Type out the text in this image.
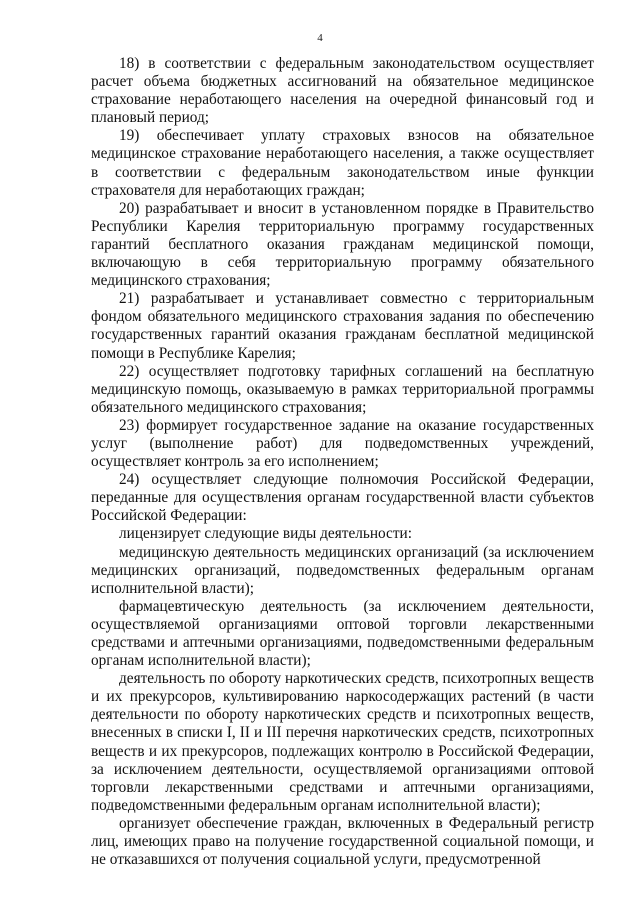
4

18) в соответствии с федеральным законодательством осуществляет расчет объема бюджетных ассигнований на обязательное медицинское страхование неработающего населения на очередной финансовый год и плановый период;

19) обеспечивает уплату страховых взносов на обязательное медицинское страхование неработающего населения, а также осуществляет в соответствии с федеральным законодательством иные функции страхователя для неработающих граждан;

20) разрабатывает и вносит в установленном порядке в Правительство Республики Карелия территориальную программу государственных гарантий бесплатного оказания гражданам медицинской помощи, включающую в себя территориальную программу обязательного медицинского страхования;

21) разрабатывает и устанавливает совместно с территориальным фондом обязательного медицинского страхования задания по обеспечению государственных гарантий оказания гражданам бесплатной медицинской помощи в Республике Карелия;

22) осуществляет подготовку тарифных соглашений на бесплатную медицинскую помощь, оказываемую в рамках территориальной программы обязательного медицинского страхования;

23) формирует государственное задание на оказание государственных услуг (выполнение работ) для подведомственных учреждений, осуществляет контроль за его исполнением;

24) осуществляет следующие полномочия Российской Федерации, переданные для осуществления органам государственной власти субъектов Российской Федерации:

лицензирует следующие виды деятельности:

медицинскую деятельность медицинских организаций (за исключением медицинских организаций, подведомственных федеральным органам исполнительной власти);

фармацевтическую деятельность (за исключением деятельности, осуществляемой организациями оптовой торговли лекарственными средствами и аптечными организациями, подведомственными федеральным органам исполнительной власти);

деятельность по обороту наркотических средств, психотропных веществ и их прекурсоров, культивированию наркосодержащих растений (в части деятельности по обороту наркотических средств и психотропных веществ, внесенных в списки I, II и III перечня наркотических средств, психотропных веществ и их прекурсоров, подлежащих контролю в Российской Федерации, за исключением деятельности, осуществляемой организациями оптовой торговли лекарственными средствами и аптечными организациями, подведомственными федеральным органам исполнительной власти);

организует обеспечение граждан, включенных в Федеральный регистр лиц, имеющих право на получение государственной социальной помощи, и не отказавшихся от получения социальной услуги, предусмотренной
